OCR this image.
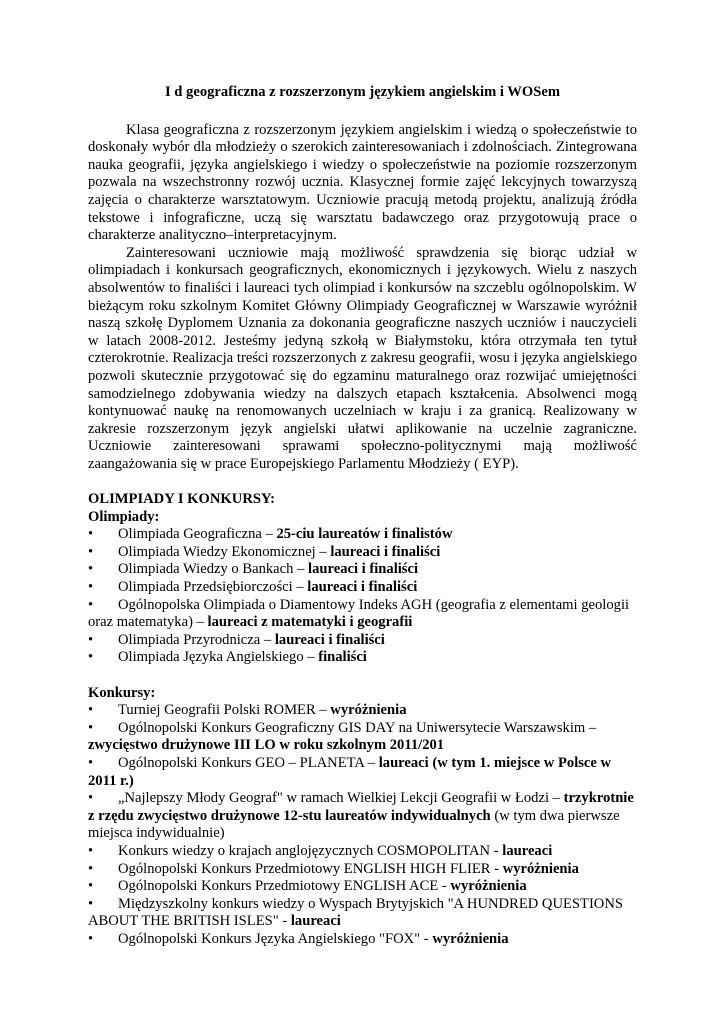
I d geograficzna z rozszerzonym językiem angielskim i WOSem

Klasa geograficzna z rozszerzonym językiem angielskim i wiedzą o społeczeństwie to doskonały wybór dla młodzieży o szerokich zainteresowaniach i zdolnościach. Zintegrowana nauka geografii, języka angielskiego i wiedzy o społeczeństwie na poziomie rozszerzonym pozwala na wszechstronny rozwój ucznia. Klasycznej formie zajęć lekcyjnych towarzyszą zajęcia o charakterze warsztatowym. Uczniowie pracują metodą projektu, analizują źródła tekstowe i infograficzne, uczą się warsztatu badawczego oraz przygotowują prace o charakterze analityczno–interpretacyjnym.

Zainteresowani uczniowie mają możliwość sprawdzenia się biorąc udział w olimpiadach i konkursach geograficznych, ekonomicznych i językowych. Wielu z naszych absolwentów to finaliści i laureaci tych olimpiad i konkursów na szczeblu ogólnopolskim. W bieżącym roku szkolnym Komitet Główny Olimpiady Geograficznej w Warszawie wyróżnił naszą szkołę Dyplomem Uznania za dokonania geograficzne naszych uczniów i nauczycieli w latach 2008-2012. Jesteśmy jedyną szkołą w Białymstoku, która otrzymała ten tytuł czterokrotnie. Realizacja treści rozszerzonych z zakresu geografii, wosu i języka angielskiego pozwoli skutecznie przygotować się do egzaminu maturalnego oraz rozwijać umiejętności samodzielnego zdobywania wiedzy na dalszych etapach kształcenia. Absolwenci mogą kontynuować naukę na renomowanych uczelniach w kraju i za granicą. Realizowany w zakresie rozszerzonym język angielski ułatwi aplikowanie na uczelnie zagraniczne. Uczniowie zainteresowani sprawami społeczno-politycznymi mają możliwość zaangażowania się w prace Europejskiego Parlamentu Młodzieży ( EYP).

OLIMPIADY I KONKURSY:
Olimpiady:
• Olimpiada Geograficzna – 25-ciu laureatów i finalistów
• Olimpiada Wiedzy Ekonomicznej – laureaci i finaliści
• Olimpiada Wiedzy o Bankach – laureaci i finaliści
• Olimpiada Przedsiębiorczości – laureaci i finaliści
• Ogólnopolska Olimpiada o Diamentowy Indeks AGH (geografia z elementami geologii oraz matematyka) – laureaci z matematyki i geografii
• Olimpiada Przyrodnicza – laureaci i finaliści
• Olimpiada Języka Angielskiego – finaliści
Konkursy:
• Turniej Geografii Polski ROMER – wyróżnienia
• Ogólnopolski Konkurs Geograficzny GIS DAY na Uniwersytecie Warszawskim – zwycięstwo drużynowe III LO w roku szkolnym 2011/201
• Ogólnopolski Konkurs GEO – PLANETA – laureaci (w tym 1. miejsce w Polsce w 2011 r.)
• „Najlepszy Młody Geograf" w ramach Wielkiej Lekcji Geografii w Łodzi – trzykrotnie z rzędu zwycięstwo drużynowe 12-stu laureatów indywidualnych (w tym dwa pierwsze miejsca indywidualnie)
• Konkurs wiedzy o krajach anglojęzycznych COSMOPOLITAN - laureaci
• Ogólnopolski Konkurs Przedmiotowy ENGLISH HIGH FLIER - wyróżnienia
• Ogólnopolski Konkurs Przedmiotowy ENGLISH ACE - wyróżnienia
• Międzyszkolny konkurs wiedzy o Wyspach Brytyjskich "A HUNDRED QUESTIONS ABOUT THE BRITISH ISLES" - laureaci
• Ogólnopolski Konkurs Języka Angielskiego "FOX" - wyróżnienia
